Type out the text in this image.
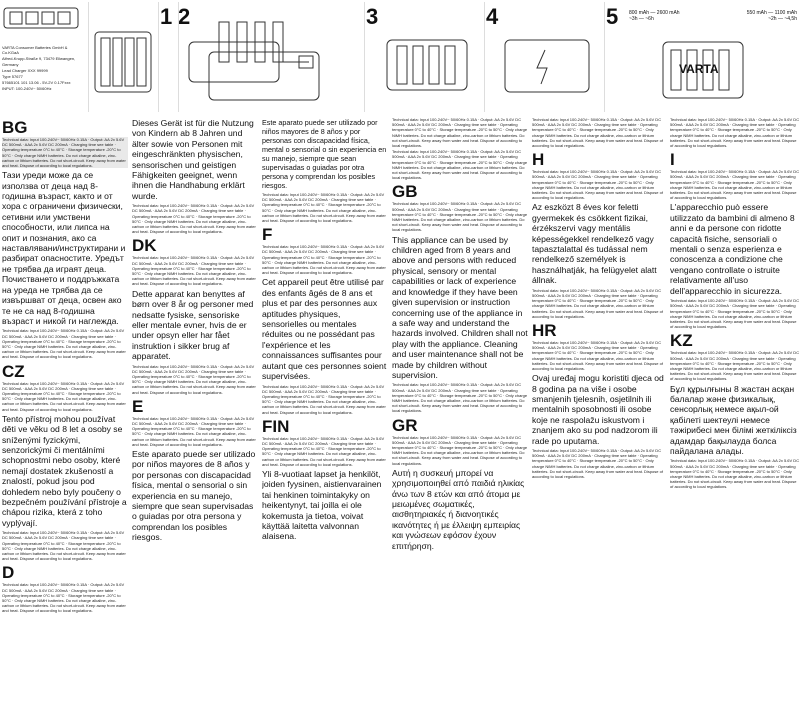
VARTA Consumer Batteries GmbH & Co.KGaA
Alfred-Krupp-Straße 9, 73479 Ellwangen, Germany
Lead Charger XXX 99999
Type 57677
57665101 101 13.06 - 5V-2V 0.17Fxxx
INPUT: 100-240V~ 50/60Hz
1 2	3	4	5 800 mAh — 2600 mAh	550 mAh — 1100 mAh
~3h — ~6h	~2h — ~4,5h
VARTA
BG
Technical data: Input 100-240V~ 50/60Hz 0.15A · Output: AA 2x 5.6V DC 500mA · AAA 2x 5.6V DC 200mA · Charging time see table · Operating temperature 0°C to 40°C · Storage temperature -20°C to 50°C · Only charge NiMH batteries. Do not charge alkaline, zinc-carbon or lithium batteries. Do not short-circuit. Keep away from water and heat. Dispose of according to local regulations.
Тази уреди може да се използва от деца над 8-годишна възраст, както и от хора с ограничени физически, сетивни или умствени способности, или липса на опит и познания, ако са наставлявани/инструктирани и разбират опасностите. Уредът не трябва да играят деца. Почистването и поддръжката на уреда не трябва да се извършват от деца, освен ако те не са над 8-годишна възраст и никой ги наглежда.
Technical data: Input 100-240V~ 50/60Hz 0.15A · Output: AA 2x 5.6V DC 500mA · AAA 2x 5.6V DC 200mA · Charging time see table · Operating temperature 0°C to 40°C · Storage temperature -20°C to 50°C · Only charge NiMH batteries. Do not charge alkaline, zinc-carbon or lithium batteries. Do not short-circuit. Keep away from water and heat. Dispose of according to local regulations.
CZ
Technical data: Input 100-240V~ 50/60Hz 0.15A · Output: AA 2x 5.6V DC 500mA · AAA 2x 5.6V DC 200mA · Charging time see table · Operating temperature 0°C to 40°C · Storage temperature -20°C to 50°C · Only charge NiMH batteries. Do not charge alkaline, zinc-carbon or lithium batteries. Do not short-circuit. Keep away from water and heat. Dispose of according to local regulations.
Tento přístroj mohou používat děti ve věku od 8 let a osoby se sníženými fyzickými, senzorickými či mentálními schopnostmi nebo osoby, které nemají dostatek zkušeností a znalostí, pokud jsou pod dohledem nebo byly poučeny o bezpečném používání přístroje a chápou rizika, která z toho vyplývají.
Technical data: Input 100-240V~ 50/60Hz 0.15A · Output: AA 2x 5.6V DC 500mA · AAA 2x 5.6V DC 200mA · Charging time see table · Operating temperature 0°C to 40°C · Storage temperature -20°C to 50°C · Only charge NiMH batteries. Do not charge alkaline, zinc-carbon or lithium batteries. Do not short-circuit. Keep away from water and heat. Dispose of according to local regulations.
D
Technical data: Input 100-240V~ 50/60Hz 0.15A · Output: AA 2x 5.6V DC 500mA · AAA 2x 5.6V DC 200mA · Charging time see table · Operating temperature 0°C to 40°C · Storage temperature -20°C to 50°C · Only charge NiMH batteries. Do not charge alkaline, zinc-carbon or lithium batteries. Do not short-circuit. Keep away from water and heat. Dispose of according to local regulations.
Dieses Gerät ist für die Nutzung von Kindern ab 8 Jahren und älter sowie von Personen mit eingeschränkten physischen, sensorischen und geistigen Fähigkeiten geeignet, wenn ihnen die Handhabung erklärt wurde.
Technical data: Input 100-240V~ 50/60Hz 0.15A · Output: AA 2x 5.6V DC 500mA · AAA 2x 5.6V DC 200mA · Charging time see table · Operating temperature 0°C to 40°C · Storage temperature -20°C to 50°C · Only charge NiMH batteries. Do not charge alkaline, zinc-carbon or lithium batteries. Do not short-circuit. Keep away from water and heat. Dispose of according to local regulations.
DK
Technical data: Input 100-240V~ 50/60Hz 0.15A · Output: AA 2x 5.6V DC 500mA · AAA 2x 5.6V DC 200mA · Charging time see table · Operating temperature 0°C to 40°C · Storage temperature -20°C to 50°C · Only charge NiMH batteries. Do not charge alkaline, zinc-carbon or lithium batteries. Do not short-circuit. Keep away from water and heat. Dispose of according to local regulations.
Dette apparat kan benyttes af børn over 8 år og personer med nedsatte fysiske, sensoriske eller mentale evner, hvis de er under opsyn eller har fået instruktion i sikker brug af apparatet.
Technical data: Input 100-240V~ 50/60Hz 0.15A · Output: AA 2x 5.6V DC 500mA · AAA 2x 5.6V DC 200mA · Charging time see table · Operating temperature 0°C to 40°C · Storage temperature -20°C to 50°C · Only charge NiMH batteries. Do not charge alkaline, zinc-carbon or lithium batteries. Do not short-circuit. Keep away from water and heat. Dispose of according to local regulations.
E
Technical data: Input 100-240V~ 50/60Hz 0.15A · Output: AA 2x 5.6V DC 500mA · AAA 2x 5.6V DC 200mA · Charging time see table · Operating temperature 0°C to 40°C · Storage temperature -20°C to 50°C · Only charge NiMH batteries. Do not charge alkaline, zinc-carbon or lithium batteries. Do not short-circuit. Keep away from water and heat. Dispose of according to local regulations.
Este aparato puede ser utilizado por niños mayores de 8 años y por personas con discapacidad física, mental o sensorial o sin experiencia en su manejo, siempre que sean supervisadas o guiadas por otra persona y comprendan los posibles riesgos.
Este aparato puede ser utilizado por niños mayores de 8 años y por personas con discapacidad física, mental o sensorial o sin experiencia en su manejo, siempre que sean supervisadas o guiadas por otra persona y comprendan los posibles riesgos.
Technical data: Input 100-240V~ 50/60Hz 0.15A · Output: AA 2x 5.6V DC 500mA · AAA 2x 5.6V DC 200mA · Charging time see table · Operating temperature 0°C to 40°C · Storage temperature -20°C to 50°C · Only charge NiMH batteries. Do not charge alkaline, zinc-carbon or lithium batteries. Do not short-circuit. Keep away from water and heat. Dispose of according to local regulations.
F
Technical data: Input 100-240V~ 50/60Hz 0.15A · Output: AA 2x 5.6V DC 500mA · AAA 2x 5.6V DC 200mA · Charging time see table · Operating temperature 0°C to 40°C · Storage temperature -20°C to 50°C · Only charge NiMH batteries. Do not charge alkaline, zinc-carbon or lithium batteries. Do not short-circuit. Keep away from water and heat. Dispose of according to local regulations.
Cet appareil peut être utilisé par des enfants âgés de 8 ans et plus et par des personnes aux aptitudes physiques, sensorielles ou mentales réduites ou ne possédant pas l'expérience et les connaissances suffisantes pour autant que ces personnes soient supervisées.
Technical data: Input 100-240V~ 50/60Hz 0.15A · Output: AA 2x 5.6V DC 500mA · AAA 2x 5.6V DC 200mA · Charging time see table · Operating temperature 0°C to 40°C · Storage temperature -20°C to 50°C · Only charge NiMH batteries. Do not charge alkaline, zinc-carbon or lithium batteries. Do not short-circuit. Keep away from water and heat. Dispose of according to local regulations.
FIN
Technical data: Input 100-240V~ 50/60Hz 0.15A · Output: AA 2x 5.6V DC 500mA · AAA 2x 5.6V DC 200mA · Charging time see table · Operating temperature 0°C to 40°C · Storage temperature -20°C to 50°C · Only charge NiMH batteries. Do not charge alkaline, zinc-carbon or lithium batteries. Do not short-circuit. Keep away from water and heat. Dispose of according to local regulations.
Yli 8-vuotiaat lapset ja henkilöt, joiden fyysinen, aistienvarainen tai henkinen toimintakyky on heikentynyt, tai joilla ei ole kokemusta ja tietoa, voivat käyttää laitetta valvonnan alaisena.
Technical data: Input 100-240V~ 50/60Hz 0.15A · Output: AA 2x 5.6V DC 500mA · AAA 2x 5.6V DC 200mA · Charging time see table · Operating temperature 0°C to 40°C · Storage temperature -20°C to 50°C · Only charge NiMH batteries. Do not charge alkaline, zinc-carbon or lithium batteries. Do not short-circuit. Keep away from water and heat. Dispose of according to local regulations.
Technical data: Input 100-240V~ 50/60Hz 0.15A · Output: AA 2x 5.6V DC 500mA · AAA 2x 5.6V DC 200mA · Charging time see table · Operating temperature 0°C to 40°C · Storage temperature -20°C to 50°C · Only charge NiMH batteries. Do not charge alkaline, zinc-carbon or lithium batteries. Do not short-circuit. Keep away from water and heat. Dispose of according to local regulations.
GB
Technical data: Input 100-240V~ 50/60Hz 0.15A · Output: AA 2x 5.6V DC 500mA · AAA 2x 5.6V DC 200mA · Charging time see table · Operating temperature 0°C to 40°C · Storage temperature -20°C to 50°C · Only charge NiMH batteries. Do not charge alkaline, zinc-carbon or lithium batteries. Do not short-circuit. Keep away from water and heat. Dispose of according to local regulations.
This appliance can be used by children aged from 8 years and above and persons with reduced physical, sensory or mental capabilities or lack of experience and knowledge if they have been given supervision or instruction concerning use of the appliance in a safe way and understand the hazards involved. Children shall not play with the appliance. Cleaning and user maintenance shall not be made by children without supervision.
Technical data: Input 100-240V~ 50/60Hz 0.15A · Output: AA 2x 5.6V DC 500mA · AAA 2x 5.6V DC 200mA · Charging time see table · Operating temperature 0°C to 40°C · Storage temperature -20°C to 50°C · Only charge NiMH batteries. Do not charge alkaline, zinc-carbon or lithium batteries. Do not short-circuit. Keep away from water and heat. Dispose of according to local regulations.
GR
Technical data: Input 100-240V~ 50/60Hz 0.15A · Output: AA 2x 5.6V DC 500mA · AAA 2x 5.6V DC 200mA · Charging time see table · Operating temperature 0°C to 40°C · Storage temperature -20°C to 50°C · Only charge NiMH batteries. Do not charge alkaline, zinc-carbon or lithium batteries. Do not short-circuit. Keep away from water and heat. Dispose of according to local regulations.
Αυτή η συσκευή μπορεί να χρησιμοποιηθεί από παιδιά ηλικίας άνω των 8 ετών και από άτομα με μειωμένες σωματικές, αισθητηριακές ή διανοητικές ικανότητες ή με έλλειψη εμπειρίας και γνώσεων εφόσον έχουν επιτήρηση.
Technical data: Input 100-240V~ 50/60Hz 0.15A · Output: AA 2x 5.6V DC 500mA · AAA 2x 5.6V DC 200mA · Charging time see table · Operating temperature 0°C to 40°C · Storage temperature -20°C to 50°C · Only charge NiMH batteries. Do not charge alkaline, zinc-carbon or lithium batteries. Do not short-circuit. Keep away from water and heat. Dispose of according to local regulations.
H
Technical data: Input 100-240V~ 50/60Hz 0.15A · Output: AA 2x 5.6V DC 500mA · AAA 2x 5.6V DC 200mA · Charging time see table · Operating temperature 0°C to 40°C · Storage temperature -20°C to 50°C · Only charge NiMH batteries. Do not charge alkaline, zinc-carbon or lithium batteries. Do not short-circuit. Keep away from water and heat. Dispose of according to local regulations.
Az eszközt 8 éves kor feletti gyermekek és csökkent fizikai, érzékszervi vagy mentális képességekkel rendelkező vagy tapasztalattal és tudással nem rendelkező személyek is használhatják, ha felügyelet alatt állnak.
Technical data: Input 100-240V~ 50/60Hz 0.15A · Output: AA 2x 5.6V DC 500mA · AAA 2x 5.6V DC 200mA · Charging time see table · Operating temperature 0°C to 40°C · Storage temperature -20°C to 50°C · Only charge NiMH batteries. Do not charge alkaline, zinc-carbon or lithium batteries. Do not short-circuit. Keep away from water and heat. Dispose of according to local regulations.
HR
Technical data: Input 100-240V~ 50/60Hz 0.15A · Output: AA 2x 5.6V DC 500mA · AAA 2x 5.6V DC 200mA · Charging time see table · Operating temperature 0°C to 40°C · Storage temperature -20°C to 50°C · Only charge NiMH batteries. Do not charge alkaline, zinc-carbon or lithium batteries. Do not short-circuit. Keep away from water and heat. Dispose of according to local regulations.
Ovaj uređaj mogu koristiti djeca od 8 godina pa na više i osobe smanjenih tjelesnih, osjetilnih ili mentalnih sposobnosti ili osobe koje ne raspolažu iskustvom i znanjem ako su pod nadzorom ili rade po uputama.
Technical data: Input 100-240V~ 50/60Hz 0.15A · Output: AA 2x 5.6V DC 500mA · AAA 2x 5.6V DC 200mA · Charging time see table · Operating temperature 0°C to 40°C · Storage temperature -20°C to 50°C · Only charge NiMH batteries. Do not charge alkaline, zinc-carbon or lithium batteries. Do not short-circuit. Keep away from water and heat. Dispose of according to local regulations.
Technical data: Input 100-240V~ 50/60Hz 0.15A · Output: AA 2x 5.6V DC 500mA · AAA 2x 5.6V DC 200mA · Charging time see table · Operating temperature 0°C to 40°C · Storage temperature -20°C to 50°C · Only charge NiMH batteries. Do not charge alkaline, zinc-carbon or lithium batteries. Do not short-circuit. Keep away from water and heat. Dispose of according to local regulations.
I
Technical data: Input 100-240V~ 50/60Hz 0.15A · Output: AA 2x 5.6V DC 500mA · AAA 2x 5.6V DC 200mA · Charging time see table · Operating temperature 0°C to 40°C · Storage temperature -20°C to 50°C · Only charge NiMH batteries. Do not charge alkaline, zinc-carbon or lithium batteries. Do not short-circuit. Keep away from water and heat. Dispose of according to local regulations.
L'apparecchio può essere utilizzato da bambini di almeno 8 anni e da persone con ridotte capacità fisiche, sensoriali o mentali o senza esperienza e conoscenza a condizione che vengano controllate o istruite relativamente all'uso dell'apparecchio in sicurezza.
Technical data: Input 100-240V~ 50/60Hz 0.15A · Output: AA 2x 5.6V DC 500mA · AAA 2x 5.6V DC 200mA · Charging time see table · Operating temperature 0°C to 40°C · Storage temperature -20°C to 50°C · Only charge NiMH batteries. Do not charge alkaline, zinc-carbon or lithium batteries. Do not short-circuit. Keep away from water and heat. Dispose of according to local regulations.
KZ
Technical data: Input 100-240V~ 50/60Hz 0.15A · Output: AA 2x 5.6V DC 500mA · AAA 2x 5.6V DC 200mA · Charging time see table · Operating temperature 0°C to 40°C · Storage temperature -20°C to 50°C · Only charge NiMH batteries. Do not charge alkaline, zinc-carbon or lithium batteries. Do not short-circuit. Keep away from water and heat. Dispose of according to local regulations.
Бұл құрылғыны 8 жастан асқан балалар және физикалық, сенсорлық немесе ақыл-ой қабілеті шектеулі немесе тәжірибесі мен білімі жеткіліксіз адамдар бақылауда болса пайдалана алады.
Technical data: Input 100-240V~ 50/60Hz 0.15A · Output: AA 2x 5.6V DC 500mA · AAA 2x 5.6V DC 200mA · Charging time see table · Operating temperature 0°C to 40°C · Storage temperature -20°C to 50°C · Only charge NiMH batteries. Do not charge alkaline, zinc-carbon or lithium batteries. Do not short-circuit. Keep away from water and heat. Dispose of according to local regulations.
